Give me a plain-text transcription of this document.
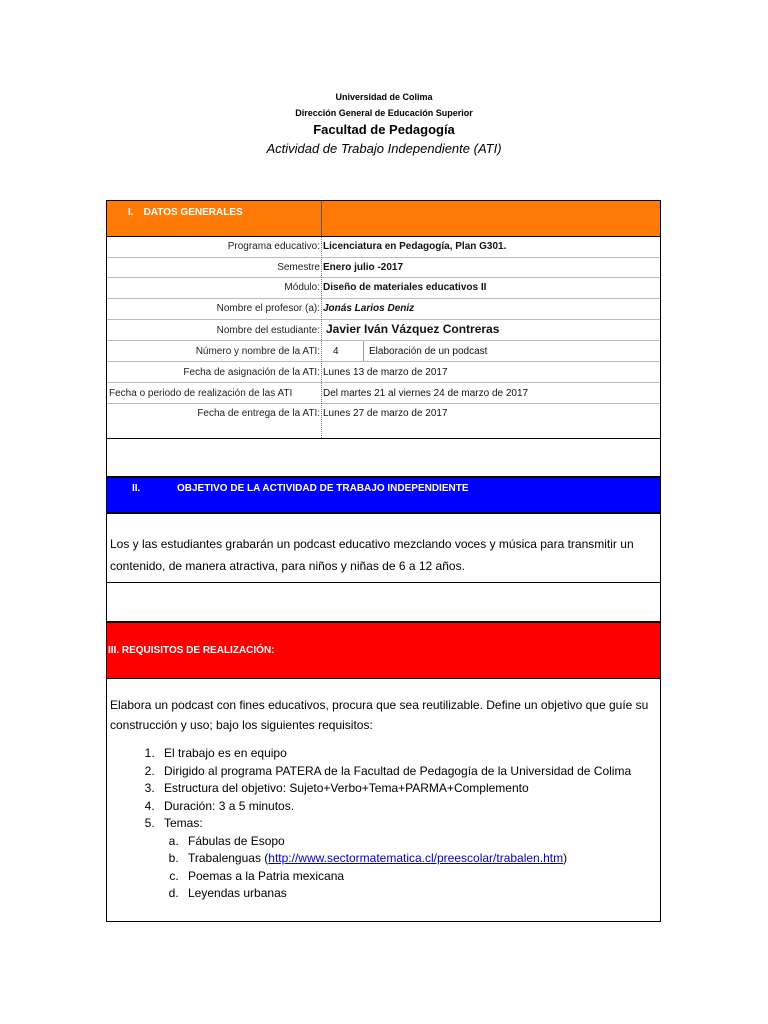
Universidad de Colima
Dirección General de Educación Superior
Facultad de Pedagogía
Actividad de Trabajo Independiente (ATI)
I. DATOS GENERALES
Programa educativo: Licenciatura en Pedagogía, Plan G301.
Semestre Enero julio -2017
Módulo: Diseño de materiales educativos II
Nombre el profesor (a): Jonás Larios Deniz
Nombre del estudiante: Javier Iván Vázquez Contreras
Número y nombre de la ATI: 4	Elaboración de un podcast
Fecha de asignación de la ATI: Lunes 13 de marzo de 2017
Fecha o periodo de realización de las ATI	Del martes 21 al viernes 24 de marzo de 2017
Fecha de entrega de la ATI: Lunes 27 de marzo de 2017
II.	OBJETIVO DE LA ACTIVIDAD DE TRABAJO INDEPENDIENTE

Los y las estudiantes grabarán un podcast educativo mezclando voces y música para transmitir un contenido, de manera atractiva, para niños y niñas de 6 a 12 años.

III. REQUISITOS DE REALIZACIÓN:
Elabora un podcast con fines educativos, procura que sea reutilizable. Define un objetivo que guíe su construcción y uso; bajo los siguientes requisitos:
1. El trabajo es en equipo
2. Dirigido al programa PATERA de la Facultad de Pedagogía de la Universidad de Colima
3. Estructura del objetivo: Sujeto+Verbo+Tema+PARMA+Complemento
4. Duración: 3 a 5 minutos.
5. Temas:
a. Fábulas de Esopo
b. Trabalenguas (http://www.sectormatematica.cl/preescolar/trabalen.htm)
c. Poemas a la Patria mexicana
d. Leyendas urbanas
